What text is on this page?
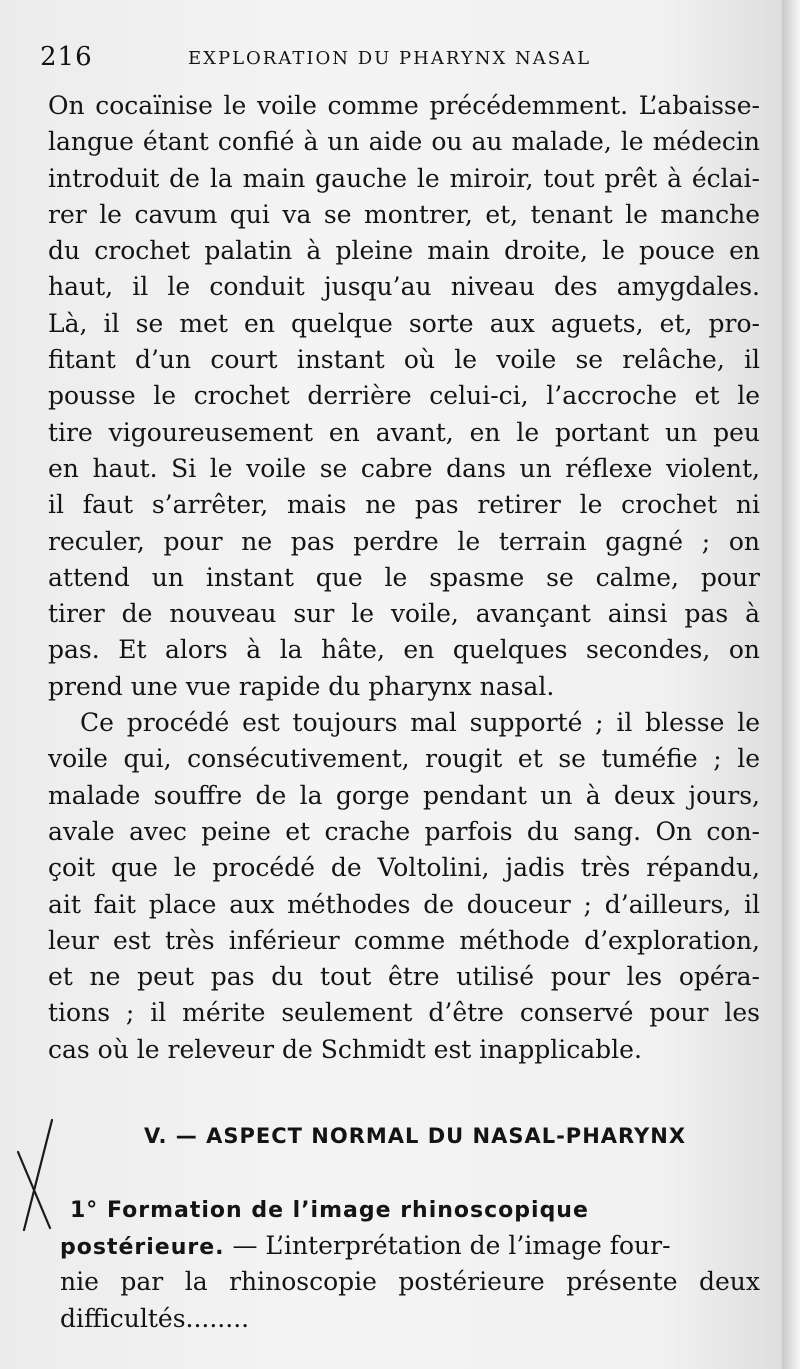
216	EXPLORATION DU PHARYNX NASAL
On cocaïnise le voile comme précédemment. L’abaisse-
langue étant confié à un aide ou au malade, le médecin
introduit de la main gauche le miroir, tout prêt à éclai-
rer le cavum qui va se montrer, et, tenant le manche
du crochet palatin à pleine main droite, le pouce en
haut, il le conduit jusqu’au niveau des amygdales.
Là, il se met en quelque sorte aux aguets, et, pro-
fitant d’un court instant où le voile se relâche, il
pousse le crochet derrière celui-ci, l’accroche et le
tire vigoureusement en avant, en le portant un peu
en haut. Si le voile se cabre dans un réflexe violent,
il faut s’arrêter, mais ne pas retirer le crochet ni
reculer, pour ne pas perdre le terrain gagné ; on
attend un instant que le spasme se calme, pour
tirer de nouveau sur le voile, avançant ainsi pas à
pas. Et alors à la hâte, en quelques secondes, on
prend une vue rapide du pharynx nasal.
Ce procédé est toujours mal supporté ; il blesse le
voile qui, consécutivement, rougit et se tuméfie ; le
malade souffre de la gorge pendant un à deux jours,
avale avec peine et crache parfois du sang. On con-
çoit que le procédé de Voltolini, jadis très répandu,
ait fait place aux méthodes de douceur ; d’ailleurs, il
leur est très inférieur comme méthode d’exploration,
et ne peut pas du tout être utilisé pour les opéra-
tions ; il mérite seulement d’être conservé pour les
cas où le releveur de Schmidt est inapplicable.
V. — ASPECT NORMAL DU NASAL-PHARYNX
1° Formation de l’image rhinoscopique
postérieure. — L’interprétation de l’image four-
nie par la rhinoscopie postérieure présente deux
difficultés........
